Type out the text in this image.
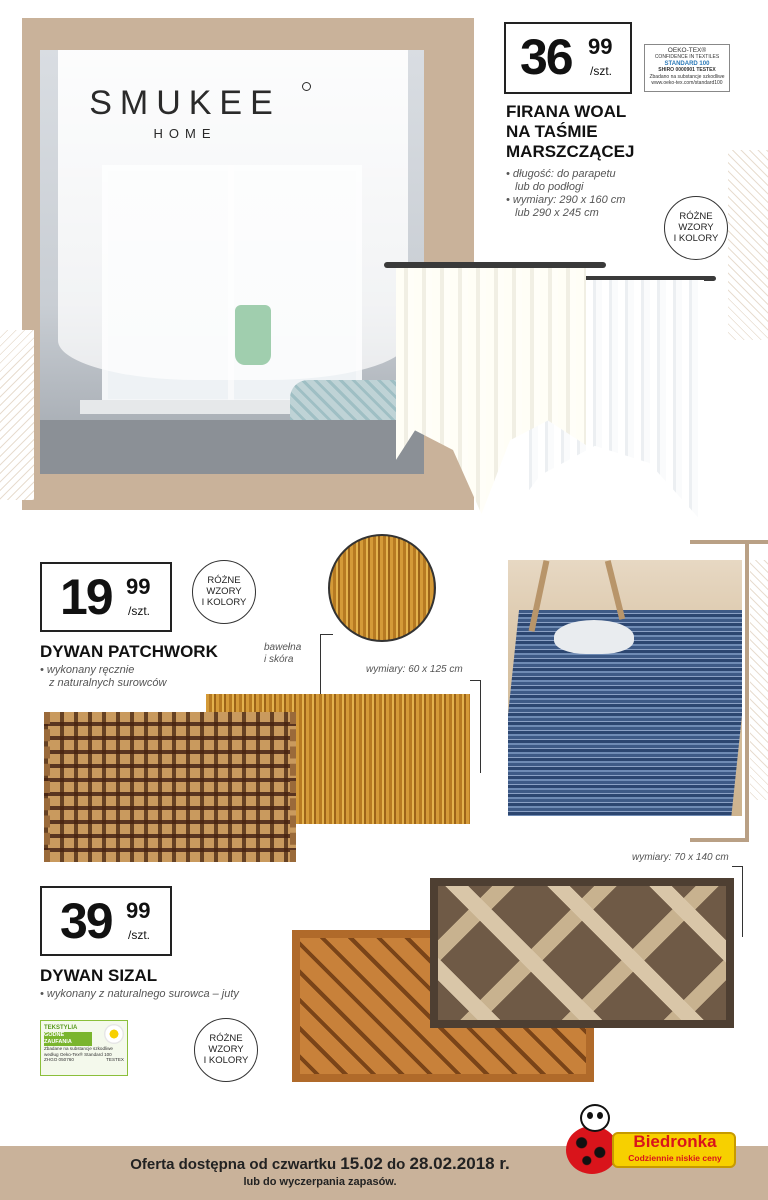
SMUKEE
HOME
36 99
/szt.
OEKO-TEX®
CONFIDENCE IN TEXTILES
STANDARD 100
SHIRO 0000901 TESTEX
Zbadano na substancje szkodliwe
www.oeko-tex.com/standard100
FIRANA WOAL
NA TAŚMIE
MARSZCZĄCEJ
• długość: do parapetu
lub do podłogi
• wymiary: 290 x 160 cm
lub 290 x 245 cm	RÓŻNE
WZORY
I KOLORY
19 99
/szt.
RÓŻNE
WZORY
I KOLORY
DYWAN PATCHWORK
• wykonany ręcznie
z naturalnych surowców
bawełna
i skóra
wymiary: 60 x 125 cm
wymiary: 70 x 140 cm
39 99
/szt.
DYWAN SIZAL
• wykonany z naturalnego surowca – juty
TEKSTYLIA
GODNE ZAUFANIA
Zbadane na substancje szkodliwe
według Oeko-Tex® Standard 100
ZHGO 050760	TESTEX
RÓŻNE
WZORY
I KOLORY
Oferta dostępna od czwartku 15.02 do 28.02.2018 r.
lub do wyczerpania zapasów.
Biedronka
Codziennie niskie ceny
